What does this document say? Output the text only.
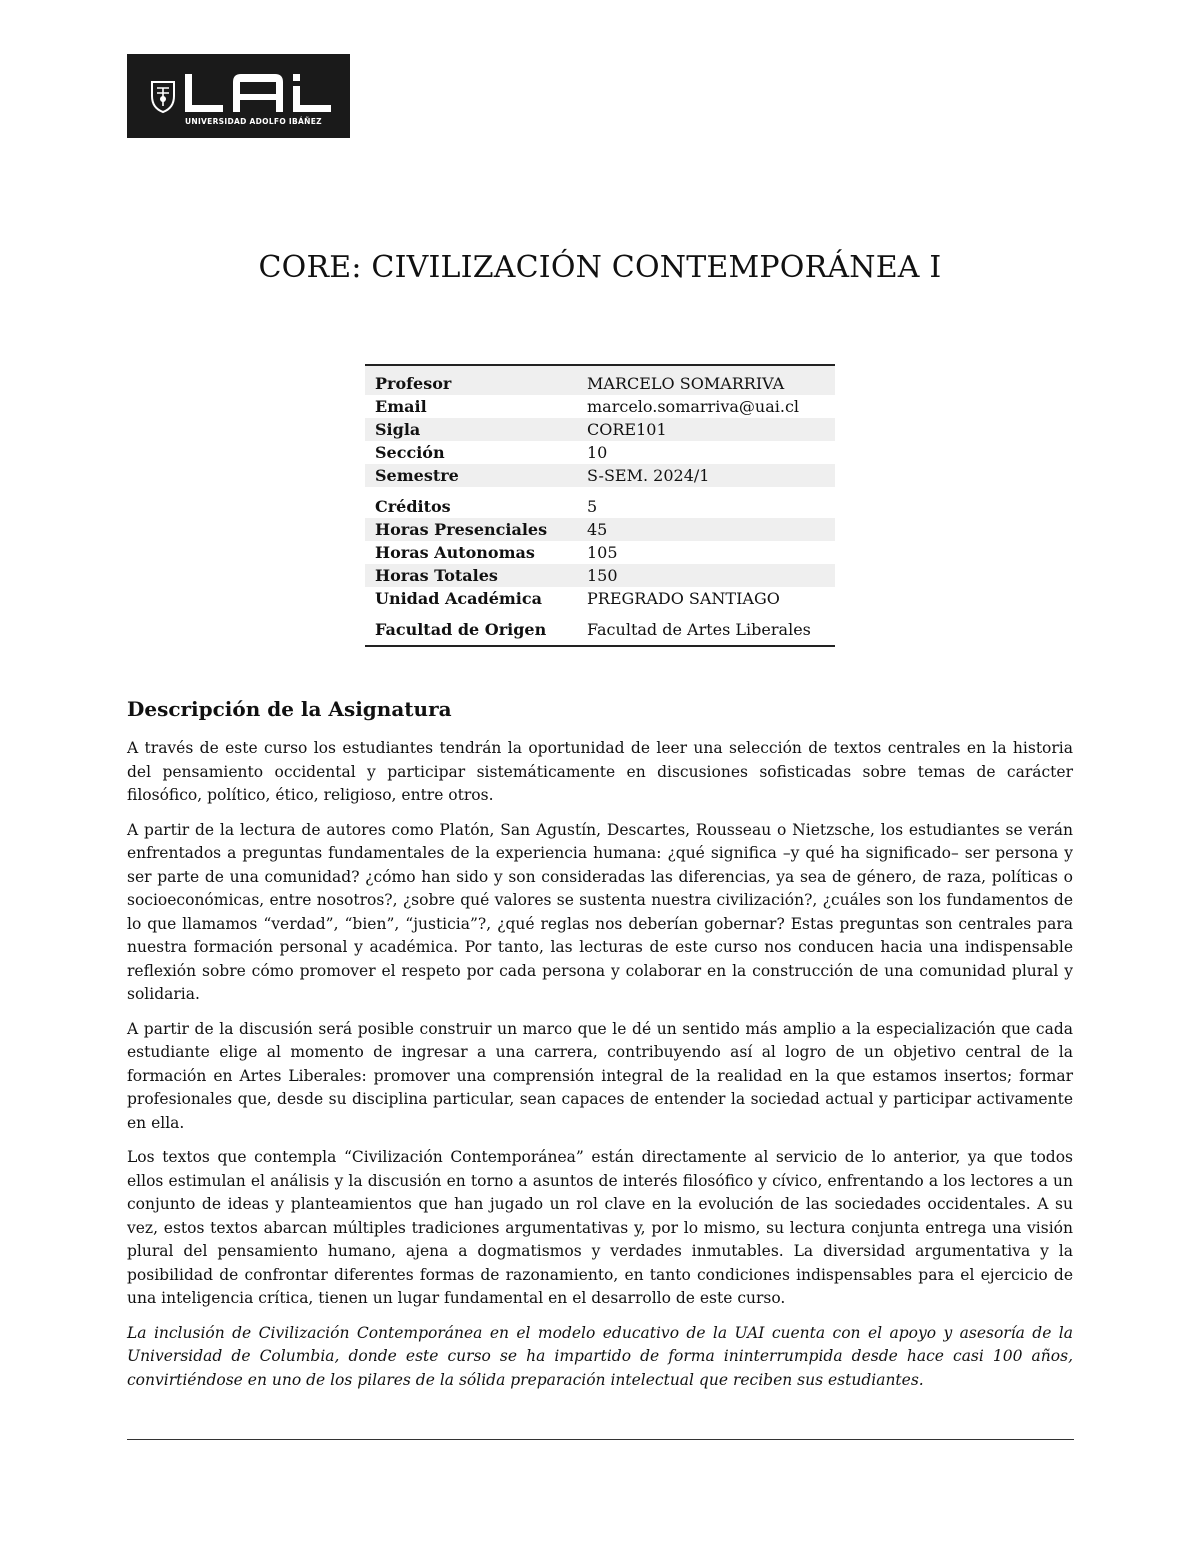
UNIVERSIDAD ADOLFO IBÁÑEZ
CORE: CIVILIZACIÓN CONTEMPORÁNEA I
Profesor	MARCELO SOMARRIVA
Email	marcelo.somarriva@uai.cl
Sigla	CORE101
Sección	10
Semestre	S-SEM. 2024/1
Créditos	5
Horas Presenciales	45
Horas Autonomas	105
Horas Totales	150
Unidad Académica	PREGRADO SANTIAGO
Facultad de Origen	Facultad de Artes Liberales
Descripción de la Asignatura

A través de este curso los estudiantes tendrán la oportunidad de leer una selección de textos centrales en la historia del pensamiento occidental y participar sistemáticamente en discusiones sofisticadas sobre temas de carácter filosófico, político, ético, religioso, entre otros.

A partir de la lectura de autores como Platón, San Agustín, Descartes, Rousseau o Nietzsche, los estudiantes se verán enfrentados a preguntas fundamentales de la experiencia humana: ¿qué significa –y qué ha significado– ser persona y ser parte de una comunidad? ¿cómo han sido y son consideradas las diferencias, ya sea de género, de raza, políticas o socioeconómicas, entre nosotros?, ¿sobre qué valores se sustenta nuestra civilización?, ¿cuáles son los fundamentos de lo que llamamos “verdad”, “bien”, “justicia”?, ¿qué reglas nos deberían gobernar? Estas preguntas son centrales para nuestra formación personal y académica. Por tanto, las lecturas de este curso nos conducen hacia una indispensable reflexión sobre cómo promover el respeto por cada persona y colaborar en la construcción de una comunidad plural y solidaria.

A partir de la discusión será posible construir un marco que le dé un sentido más amplio a la especialización que cada estudiante elige al momento de ingresar a una carrera, contribuyendo así al logro de un objetivo central de la formación en Artes Liberales: promover una comprensión integral de la realidad en la que estamos insertos; formar profesionales que, desde su disciplina particular, sean capaces de entender la sociedad actual y participar activamente en ella.

Los textos que contempla “Civilización Contemporánea” están directamente al servicio de lo anterior, ya que todos ellos estimulan el análisis y la discusión en torno a asuntos de interés filosófico y cívico, enfrentando a los lectores a un conjunto de ideas y planteamientos que han jugado un rol clave en la evolución de las sociedades occidentales. A su vez, estos textos abarcan múltiples tradiciones argumentativas y, por lo mismo, su lectura conjunta entrega una visión plural del pensamiento humano, ajena a dogmatismos y verdades inmutables. La diversidad argumentativa y la posibilidad de confrontar diferentes formas de razonamiento, en tanto condiciones indispensables para el ejercicio de una inteligencia crítica, tienen un lugar fundamental en el desarrollo de este curso.

La inclusión de Civilización Contemporánea en el modelo educativo de la UAI cuenta con el apoyo y asesoría de la Universidad de Columbia, donde este curso se ha impartido de forma ininterrumpida desde hace casi 100 años, convirtiéndose en uno de los pilares de la sólida preparación intelectual que reciben sus estudiantes.
